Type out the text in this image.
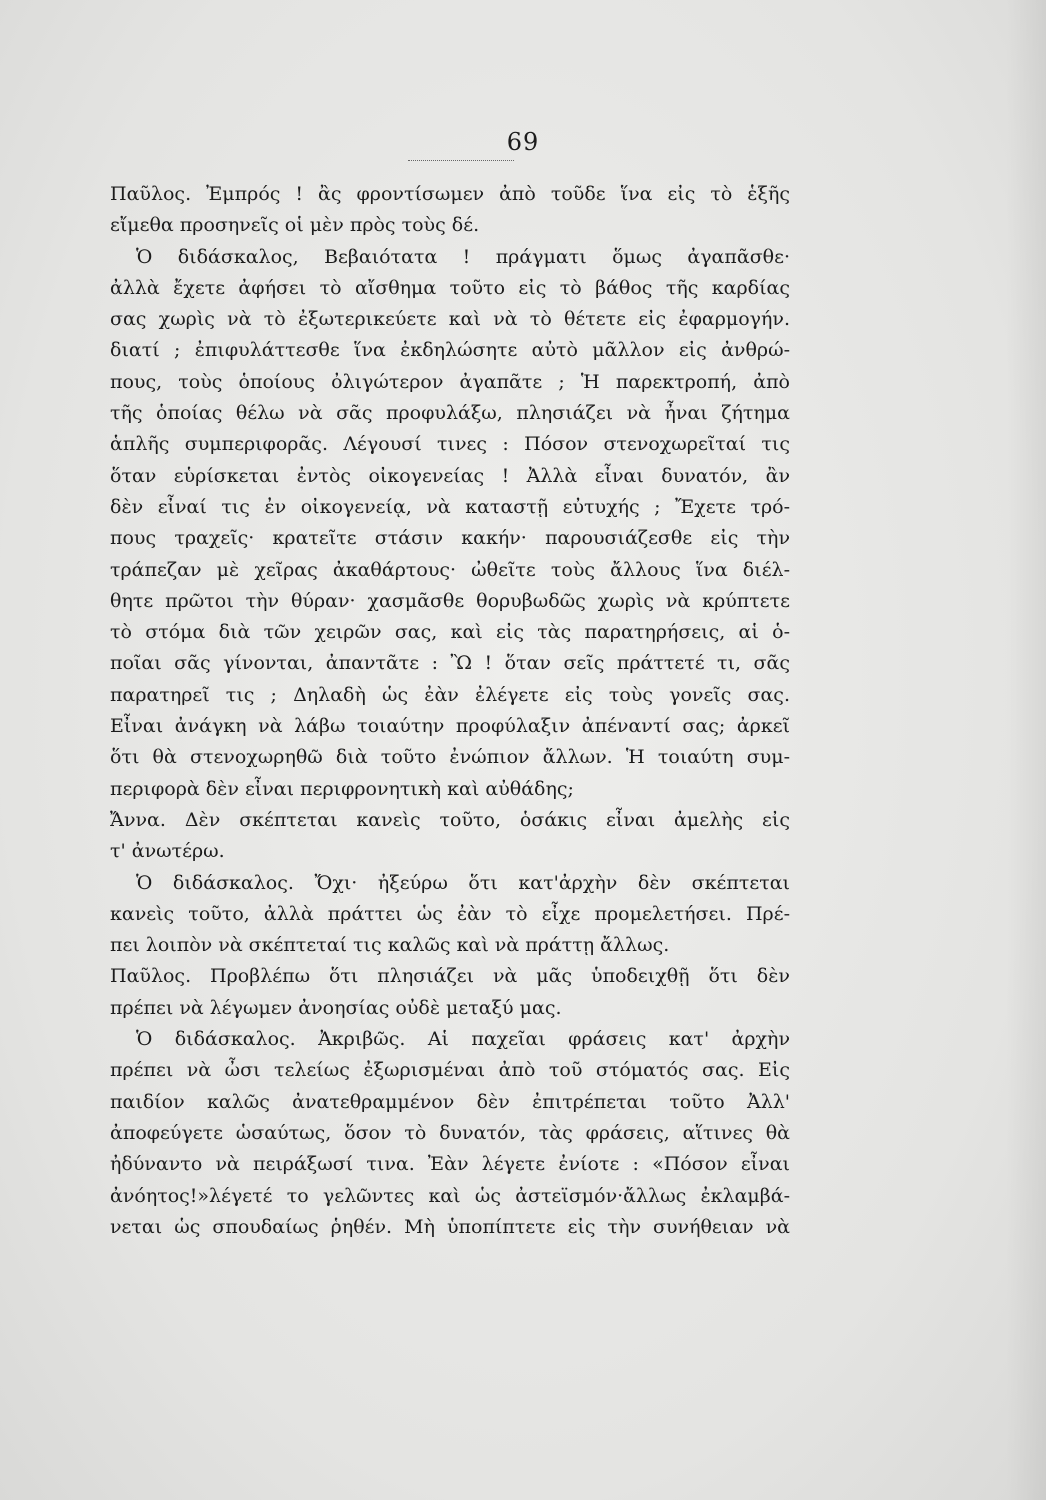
69
Παῦλος. Ἐμπρός ! ἂς φροντίσωμεν ἀπὸ τοῦδε ἵνα εἰς τὸ ἑξῆς
εἴμεθα προσηνεῖς οἱ μὲν πρὸς τοὺς δέ.
Ὁ διδάσκαλος, Βεβαιότατα ! πράγματι ὅμως ἀγαπᾶσθε·
ἀλλὰ ἔχετε ἀφήσει τὸ αἴσθημα τοῦτο εἰς τὸ βάθος τῆς καρδίας
σας χωρὶς νὰ τὸ ἐξωτερικεύετε καὶ νὰ τὸ θέτετε εἰς ἐφαρμογήν.
διατί ; ἐπιφυλάττεσθε ἵνα ἐκδηλώσητε αὐτὸ μᾶλλον εἰς ἀνθρώ-
πους, τοὺς ὁποίους ὀλιγώτερον ἀγαπᾶτε ; Ἡ παρεκτροπή, ἀπὸ
τῆς ὁποίας θέλω νὰ σᾶς προφυλάξω, πλησιάζει νὰ ἦναι ζήτημα
ἁπλῆς συμπεριφορᾶς. Λέγουσί τινες : Πόσον στενοχωρεῖταί τις
ὅταν εὑρίσκεται ἐντὸς οἰκογενείας ! Ἀλλὰ εἶναι δυνατόν, ἂν
δὲν εἶναί τις ἐν οἰκογενείᾳ, νὰ καταστῇ εὐτυχής ; Ἔχετε τρό-
πους τραχεῖς· κρατεῖτε στάσιν κακήν· παρουσιάζεσθε εἰς τὴν
τράπεζαν μὲ χεῖρας ἀκαθάρτους· ὠθεῖτε τοὺς ἄλλους ἵνα διέλ-
θητε πρῶτοι τὴν θύραν· χασμᾶσθε θορυβωδῶς χωρὶς νὰ κρύπτετε
τὸ στόμα διὰ τῶν χειρῶν σας, καὶ εἰς τὰς παρατηρήσεις, αἱ ὁ-
ποῖαι σᾶς γίνονται, ἀπαντᾶτε : Ὢ ! ὅταν σεῖς πράττετέ τι, σᾶς
παρατηρεῖ τις ; Δηλαδὴ ὡς ἐὰν ἐλέγετε εἰς τοὺς γονεῖς σας.
Εἶναι ἀνάγκη νὰ λάβω τοιαύτην προφύλαξιν ἀπέναντί σας; ἀρκεῖ
ὅτι θὰ στενοχωρηθῶ διὰ τοῦτο ἐνώπιον ἄλλων. Ἡ τοιαύτη συμ-
περιφορὰ δὲν εἶναι περιφρονητικὴ καὶ αὐθάδης;
Ἄννα. Δὲν σκέπτεται κανεὶς τοῦτο, ὁσάκις εἶναι ἀμελὴς εἰς
τ' ἀνωτέρω.
Ὁ διδάσκαλος. Ὄχι· ἠξεύρω ὅτι κατ'ἀρχὴν δὲν σκέπτεται
κανεὶς τοῦτο, ἀλλὰ πράττει ὡς ἐὰν τὸ εἶχε προμελετήσει. Πρέ-
πει λοιπὸν νὰ σκέπτεταί τις καλῶς καὶ νὰ πράττῃ ἄλλως.
Παῦλος. Προβλέπω ὅτι πλησιάζει νὰ μᾶς ὑποδειχθῇ ὅτι δὲν
πρέπει νὰ λέγωμεν ἀνοησίας οὐδὲ μεταξύ μας.
Ὁ διδάσκαλος. Ἀκριβῶς. Αἱ παχεῖαι φράσεις κατ' ἀρχὴν
πρέπει νὰ ὦσι τελείως ἐξωρισμέναι ἀπὸ τοῦ στόματός σας. Εἰς
παιδίον καλῶς ἀνατεθραμμένον δὲν ἐπιτρέπεται τοῦτο Ἀλλ'
ἀποφεύγετε ὡσαύτως, ὅσον τὸ δυνατόν, τὰς φράσεις, αἵτινες θὰ
ἠδύναντο νὰ πειράξωσί τινα. Ἐὰν λέγετε ἐνίοτε : «Πόσον εἶναι
ἀνόητος!»λέγετέ το γελῶντες καὶ ὡς ἀστεϊσμόν·ἄλλως ἐκλαμβά-
νεται ὡς σπουδαίως ῥηθέν. Μὴ ὑποπίπτετε εἰς τὴν συνήθειαν νὰ
